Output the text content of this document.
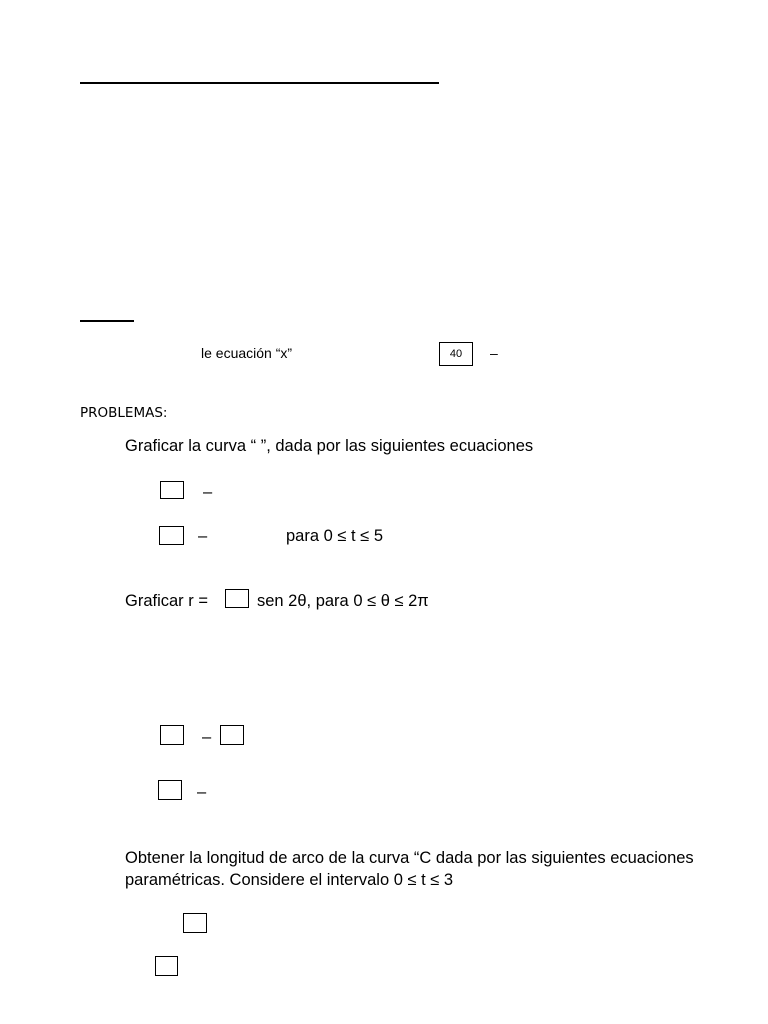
le ecuación “x”	40 –
PROBLEMAS:
Graficar la curva “ ”, dada por las siguientes ecuaciones
–
–	para 0 ≤ t ≤ 5
Graficar r =	sen 2θ, para 0 ≤ θ ≤ 2π
–
–
Obtener la longitud de arco de la curva “C dada por las siguientes ecuaciones
paramétricas. Considere el intervalo 0 ≤ t ≤ 3
